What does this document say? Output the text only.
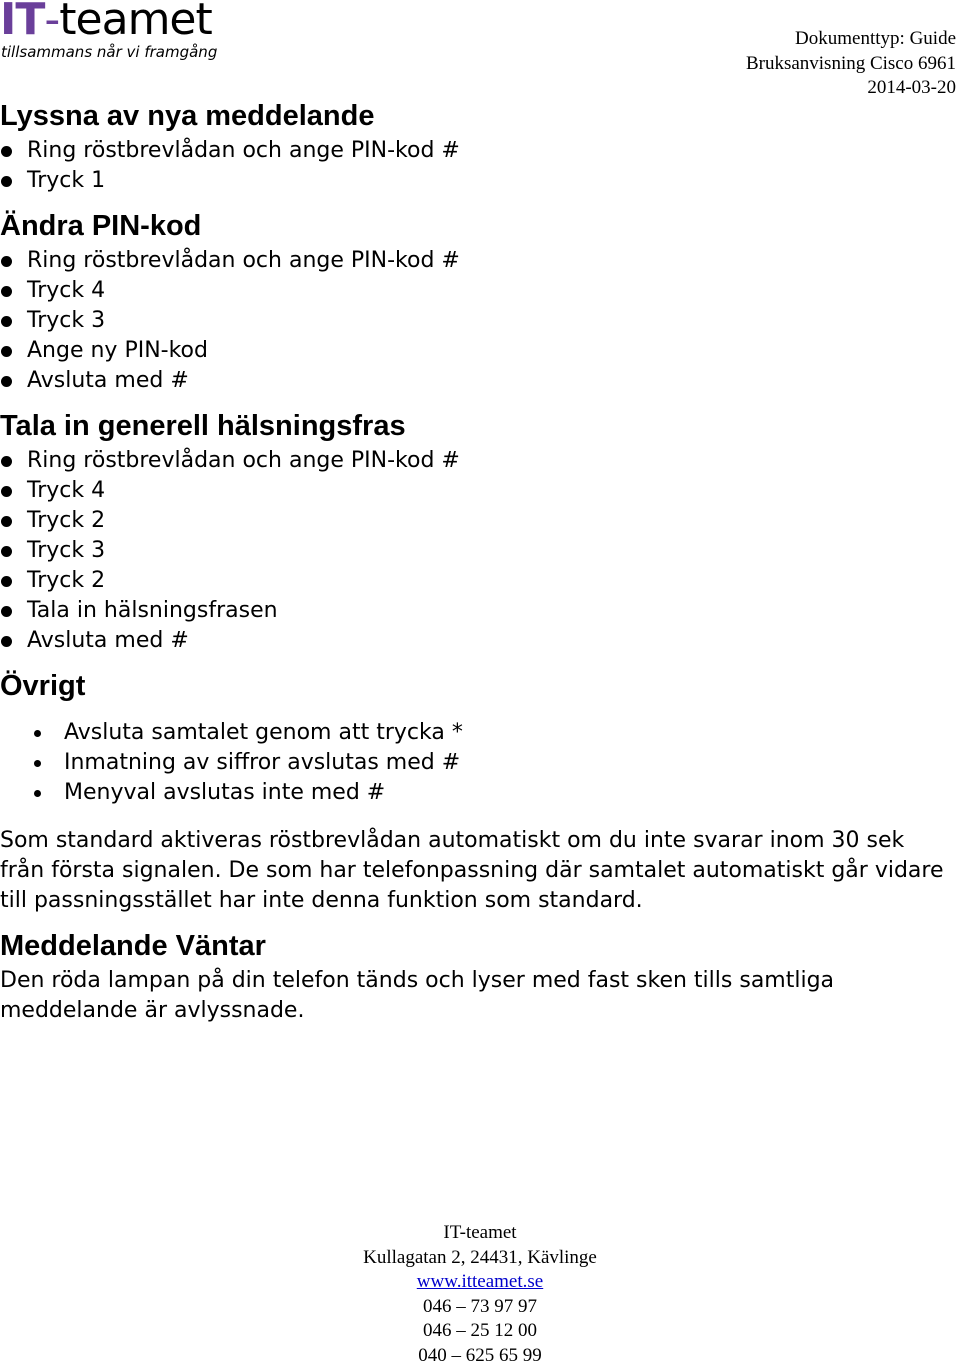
IT-teamet
tillsammans når vi framgång
Dokumenttyp: Guide
Bruksanvisning Cisco 6961
2014-03-20
Lyssna av nya meddelande
Ring röstbrevlådan och ange PIN-kod #
Tryck 1
Ändra PIN-kod
Ring röstbrevlådan och ange PIN-kod #
Tryck 4
Tryck 3
Ange ny PIN-kod
Avsluta med #
Tala in generell hälsningsfras
Ring röstbrevlådan och ange PIN-kod #
Tryck 4
Tryck 2
Tryck 3
Tryck 2
Tala in hälsningsfrasen
Avsluta med #
Övrigt
Avsluta samtalet genom att trycka *
Inmatning av siffror avslutas med #
Menyval avslutas inte med #

Som standard aktiveras röstbrevlådan automatiskt om du inte svarar inom 30 sek från första signalen. De som har telefonpassning där samtalet automatiskt går vidare till passningsstället har inte denna funktion som standard.

Meddelande Väntar

Den röda lampan på din telefon tänds och lyser med fast sken tills samtliga meddelande är avlyssnade.

IT-teamet
Kullagatan 2, 24431, Kävlinge
www.itteamet.se
046 – 73 97 97
046 – 25 12 00
040 – 625 65 99
